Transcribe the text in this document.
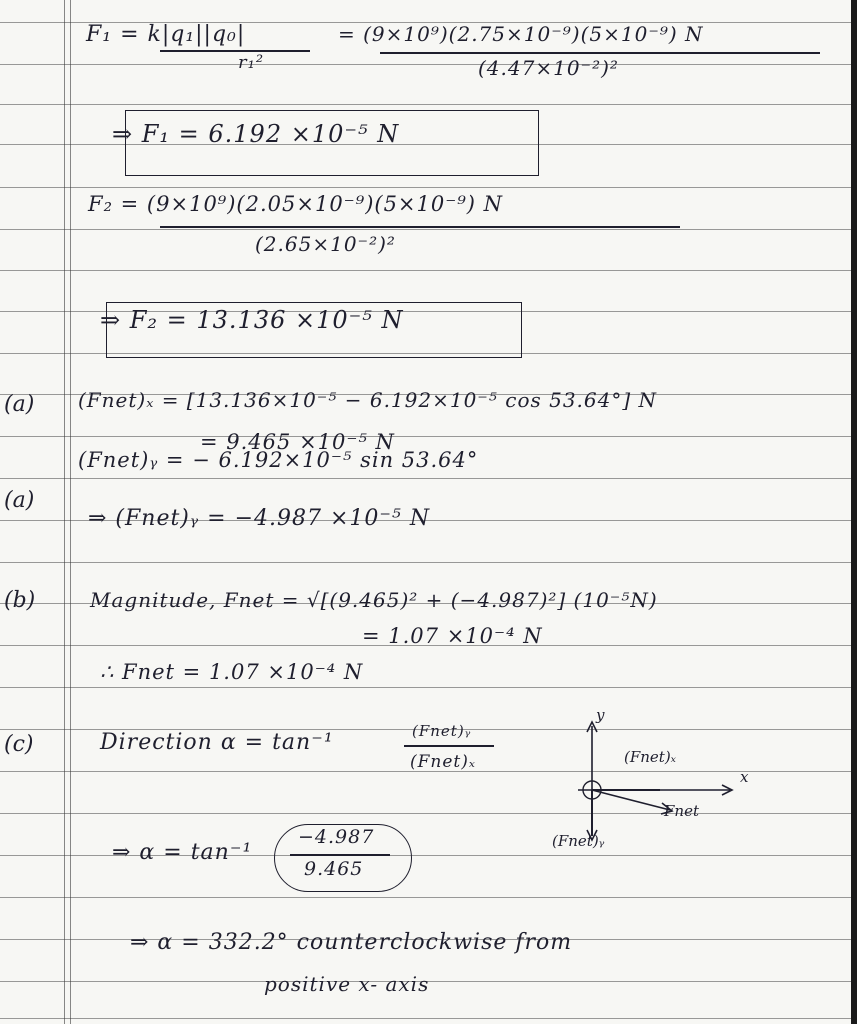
F₁ = k|q₁||q₀|
r₁²
= (9×10⁹)(2.75×10⁻⁹)(5×10⁻⁹) N
(4.47×10⁻²)²
⇒ F₁ = 6.192 ×10⁻⁵ N
F₂ = (9×10⁹)(2.05×10⁻⁹)(5×10⁻⁹) N
(2.65×10⁻²)²
⇒ F₂ = 13.136 ×10⁻⁵ N
(a) (Fnet)ₓ = [13.136×10⁻⁵ − 6.192×10⁻⁵ cos 53.64°] N
= 9.465 ×10⁻⁵ N
(Fnet)ᵧ = − 6.192×10⁻⁵ sin 53.64°
(a)
⇒ (Fnet)ᵧ = −4.987 ×10⁻⁵ N
(b)	Magnitude, Fnet = √[(9.465)² + (−4.987)²] (10⁻⁵N)
= 1.07 ×10⁻⁴ N
∴ Fnet = 1.07 ×10⁻⁴ N
(c)	Direction α = tan⁻¹	(Fnet)ᵧ
(Fnet)ₓ
⇒ α = tan⁻¹
−4.987
9.465
⇒ α = 332.2° counterclockwise from
positive x- axis
y
x
(Fnet)ₓ
Fnet
(Fnet)ᵧ
